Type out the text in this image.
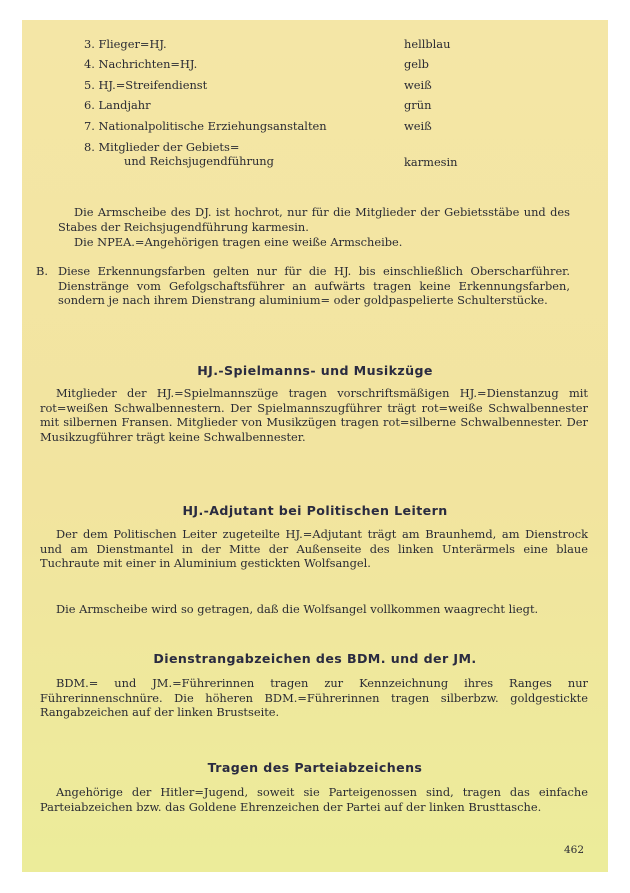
3. Flieger=HJ.	hellblau
4. Nachrichten=HJ.	gelb
5. HJ.=Streifendienst	weiß
6. Landjahr	grün
7. Nationalpolitische Erziehungsanstalten	weiß
8. Mitglieder der Gebiets=
und Reichsjugendführung	karmesin
Die Armscheibe des DJ. ist hochrot, nur für die Mitglieder der Gebietsstäbe und des Stabes der Reichsjugendführung karmesin.
Die NPEA.=Angehörigen tragen eine weiße Armscheibe.
B. Diese Erkennungsfarben gelten nur für die HJ. bis einschließlich Oberscharführer. Dienstränge vom Gefolgschaftsführer an aufwärts tragen keine Erkennungsfarben, sondern je nach ihrem Dienstrang aluminium= oder goldpaspelierte Schulterstücke.
HJ.-Spielmanns- und Musikzüge
Mitglieder der HJ.=Spielmannszüge tragen vorschriftsmäßigen HJ.=Dienstanzug mit rot=weißen Schwalbennestern. Der Spielmannszugführer trägt rot=weiße Schwalbennester mit silbernen Fransen. Mitglieder von Musikzügen tragen rot=silberne Schwalbennester. Der Musikzugführer trägt keine Schwalbennester.
HJ.-Adjutant bei Politischen Leitern
Der dem Politischen Leiter zugeteilte HJ.=Adjutant trägt am Braunhemd, am Dienstrock und am Dienstmantel in der Mitte der Außenseite des linken Unterärmels eine blaue Tuchraute mit einer in Aluminium gestickten Wolfsangel.
Die Armscheibe wird so getragen, daß die Wolfsangel vollkommen waagrecht liegt.
Dienstrangabzeichen des BDM. und der JM.
BDM.= und JM.=Führerinnen tragen zur Kennzeichnung ihres Ranges nur Führerinnenschnüre. Die höheren BDM.=Führerinnen tragen silberbzw. goldgestickte Rangabzeichen auf der linken Brustseite.
Tragen des Parteiabzeichens
Angehörige der Hitler=Jugend, soweit sie Parteigenossen sind, tragen das einfache Parteiabzeichen bzw. das Goldene Ehrenzeichen der Partei auf der linken Brusttasche.
462
